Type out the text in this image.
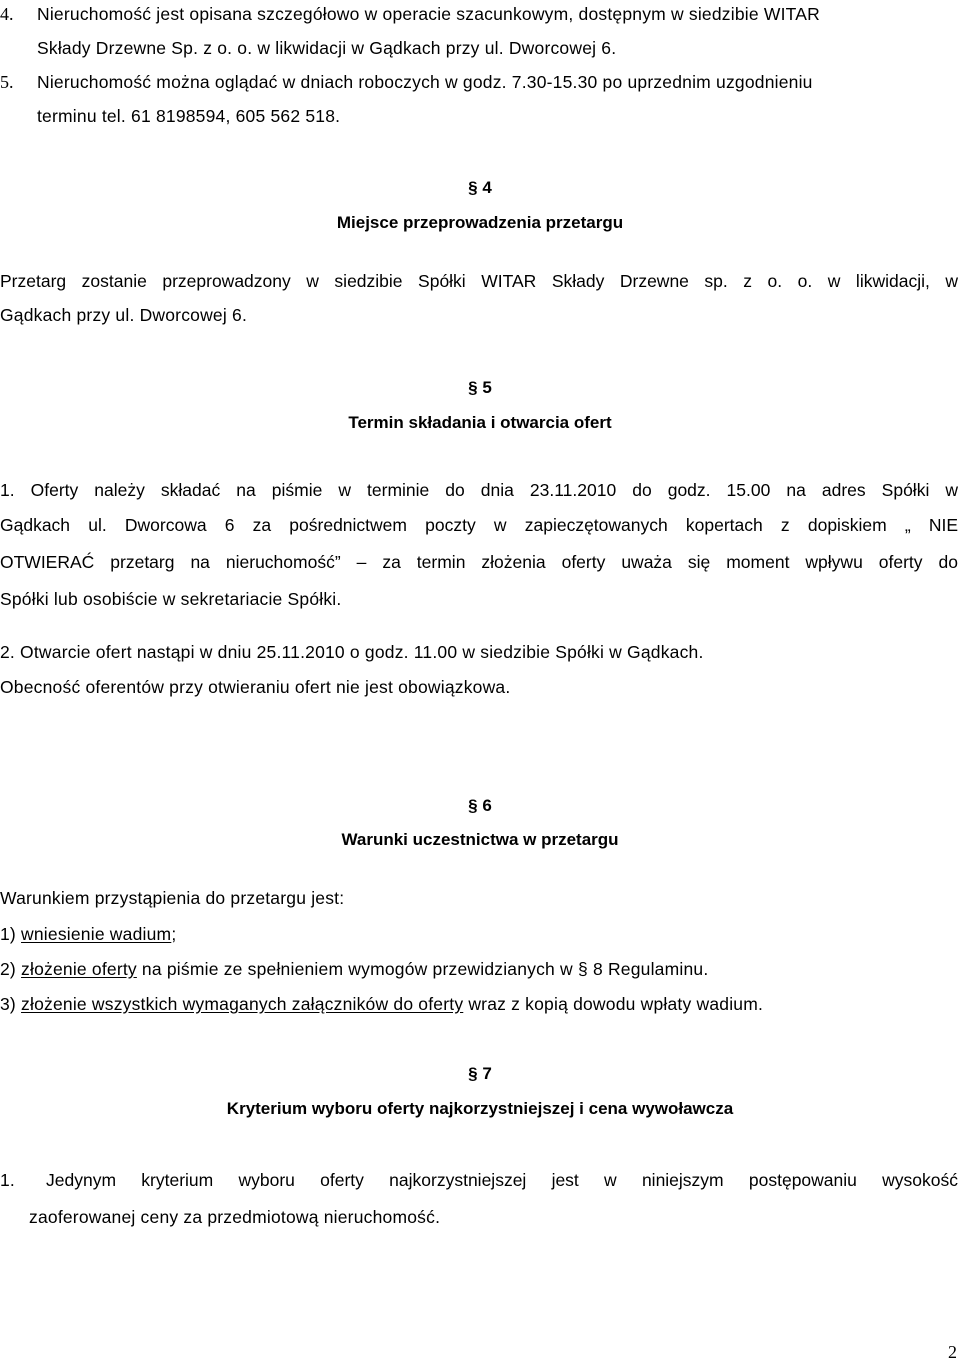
4. Nieruchomość jest opisana szczegółowo w operacie szacunkowym, dostępnym w siedzibie WITAR
Składy Drzewne Sp. z o. o. w likwidacji w Gądkach przy ul. Dworcowej 6.
5. Nieruchomość można oglądać w dniach roboczych w godz. 7.30-15.30 po uprzednim uzgodnieniu
terminu tel. 61 8198594, 605 562 518.
§ 4
Miejsce przeprowadzenia przetargu
Przetarg zostanie przeprowadzony w siedzibie Spółki WITAR Składy Drzewne sp. z o. o. w likwidacji, w
Gądkach przy ul. Dworcowej 6.
§ 5
Termin składania i otwarcia ofert
1. Oferty należy składać na piśmie w terminie do dnia 23.11.2010 do godz. 15.00 na adres Spółki w
Gądkach ul. Dworcowa 6 za pośrednictwem poczty w zapieczętowanych kopertach z dopiskiem „ NIE
OTWIERAĆ przetarg na nieruchomość” – za termin złożenia oferty uważa się moment wpływu oferty do
Spółki lub osobiście w sekretariacie Spółki.
2. Otwarcie ofert nastąpi w dniu 25.11.2010 o godz. 11.00 w siedzibie Spółki w Gądkach.
Obecność oferentów przy otwieraniu ofert nie jest obowiązkowa.
§ 6
Warunki uczestnictwa w przetargu
Warunkiem przystąpienia do przetargu jest:
1) wniesienie wadium;
2) złożenie oferty na piśmie ze spełnieniem wymogów przewidzianych w § 8 Regulaminu.
3) złożenie wszystkich wymaganych załączników do oferty wraz z kopią dowodu wpłaty wadium.
§ 7
Kryterium wyboru oferty najkorzystniejszej i cena wywoławcza
1. Jedynym kryterium wyboru oferty najkorzystniejszej jest w niniejszym postępowaniu wysokość
zaoferowanej ceny za przedmiotową nieruchomość.
2
